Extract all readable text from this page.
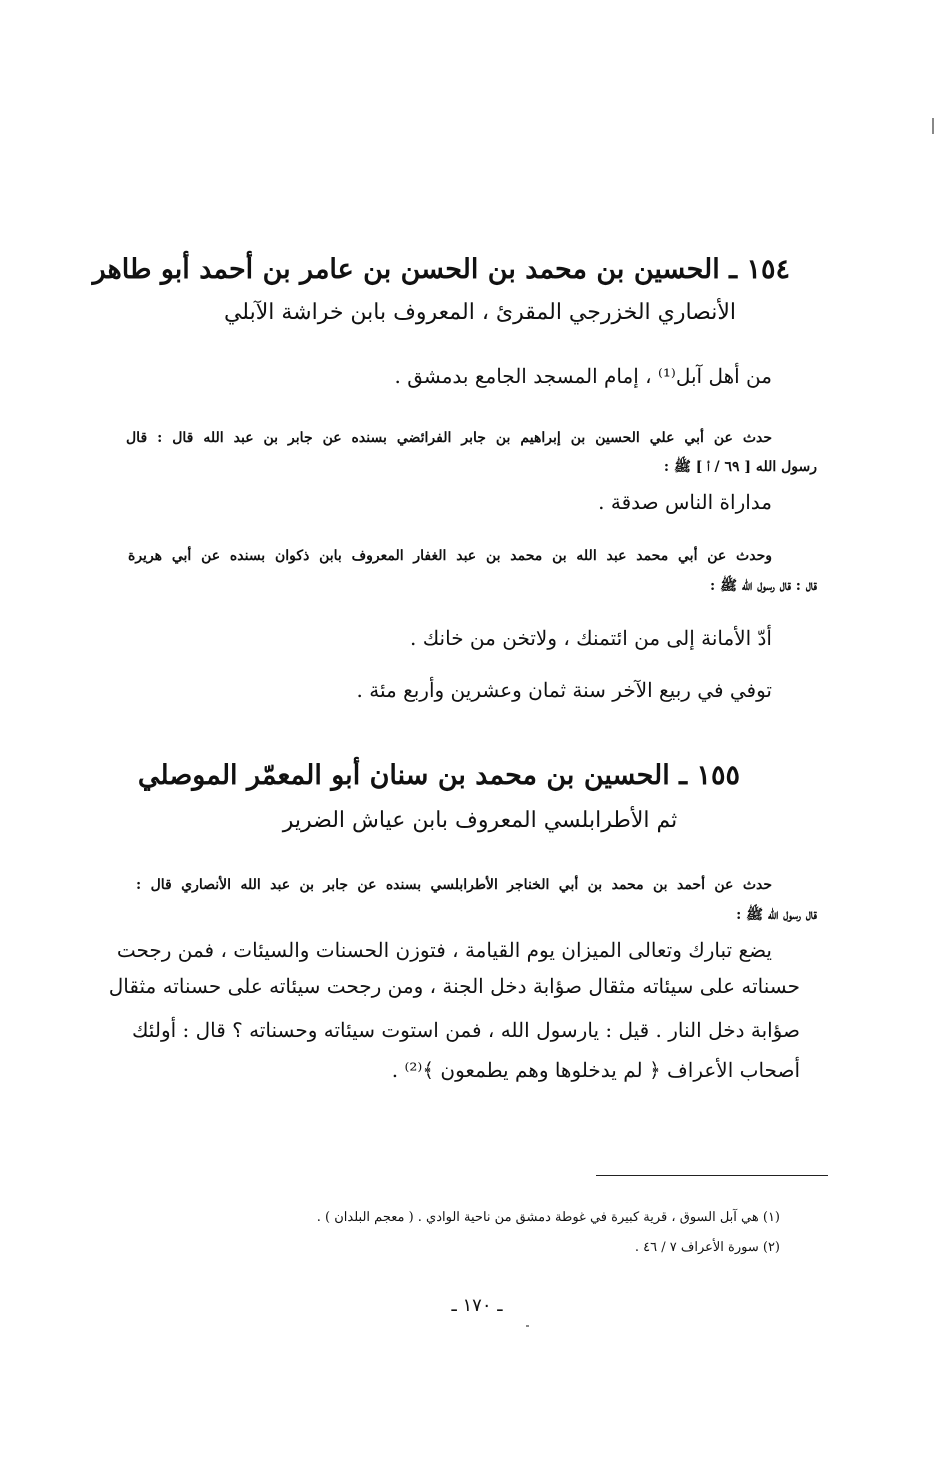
١٥٤ ـ الحسين بن محمد بن الحسن بن عامر بن أحمد أبو طاهر
الأنصاري الخزرجي المقرئ ، المعروف بابن خراشة الآبلي
من أهل آبل⁽¹⁾ ، إمام المسجد الجامع بدمشق .
حدث عن أبي علي الحسين بن إبراهيم بن جابر الفرائضي بسنده عن جابر بن عبد الله قال : قال
رسول الله [ ٦٩ / أ ] ﷺ :
مداراة الناس صدقة .
وحدث عن أبي محمد عبد الله بن محمد بن عبد الغفار المعروف بابن ذكوان بسنده عن أبي هريرة
قال : قال رسول الله ﷺ :
أدّ الأمانة إلى من ائتمنك ، ولاتخن من خانك .
توفي في ربيع الآخر سنة ثمان وعشرين وأربع مئة .
١٥٥ ـ الحسين بن محمد بن سنان أبو المعمّر الموصلي
ثم الأطرابلسي المعروف بابن عياش الضرير
حدث عن أحمد بن محمد بن أبي الخناجر الأطرابلسي بسنده عن جابر بن عبد الله الأنصاري قال :
قال رسول الله ﷺ :
يضع تبارك وتعالى الميزان يوم القيامة ، فتوزن الحسنات والسيئات ، فمن رجحت
حسناته على سيئاته مثقال صؤابة دخل الجنة ، ومن رجحت سيئاته على حسناته مثقال
صؤابة دخل النار . قيل : يارسول الله ، فمن استوت سيئاته وحسناته ؟ قال : أولئك
أصحاب الأعراف ﴿ لم يدخلوها وهم يطمعون ﴾⁽²⁾ .
(١) هي آبل السوق ، قرية كبيرة في غوطة دمشق من ناحية الوادي . ( معجم البلدان ) .
(٢) سورة الأعراف ٧ / ٤٦ .
ـ ١٧٠ ـ
